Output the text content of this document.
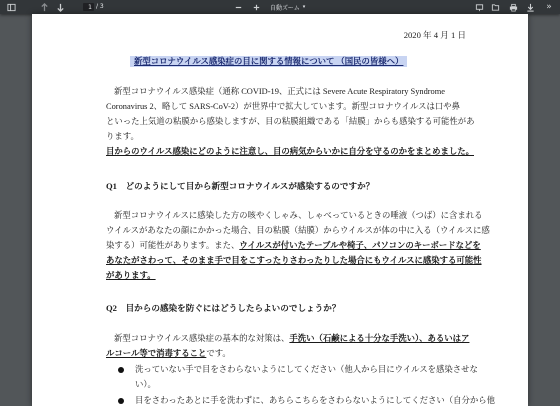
1 / 3	自動ズーム ▾	»
2020 年 4 月 1 日
新型コロナウイルス感染症の目に関する情報について （国民の皆様へ）
新型コロナウイルス感染症（通称 COVID-19、正式には Severe Acute Respiratory Syndrome
Coronavirus 2、略して SARS-CoV-2）が世界中で拡大しています。新型コロナウイルスは口や鼻
といった上気道の粘膜から感染しますが、目の粘膜組織である「結膜」からも感染する可能性があ
ります。
目からのウイルス感染にどのように注意し、目の病気からいかに自分を守るのかをまとめました。
Q1　どのようにして目から新型コロナウイルスが感染するのですか？
新型コロナウイルスに感染した方の咳やくしゃみ、しゃべっているときの唾液（つば）に含まれる
ウイルスがあなたの顔にかかった場合、目の粘膜（結膜）からウイルスが体の中に入る（ウイルスに感
染する）可能性があります。また、ウイルスが付いたテーブルや椅子、パソコンのキーボードなどを
あなたがさわって、そのまま手で目をこすったりさわったりした場合にもウイルスに感染する可能性
があります。
Q2　目からの感染を防ぐにはどうしたらよいのでしょうか？
新型コロナウイルス感染症の基本的な対策は、手洗い（石鹸による十分な手洗い）、あるいはア
ルコール等で消毒することです。
洗っていない手で目をさわらないようにしてください（他人から目にウイルスを感染させな
い）。
目をさわったあとに手を洗わずに、あちらこちらをさわらないようにしてください（自分から他
